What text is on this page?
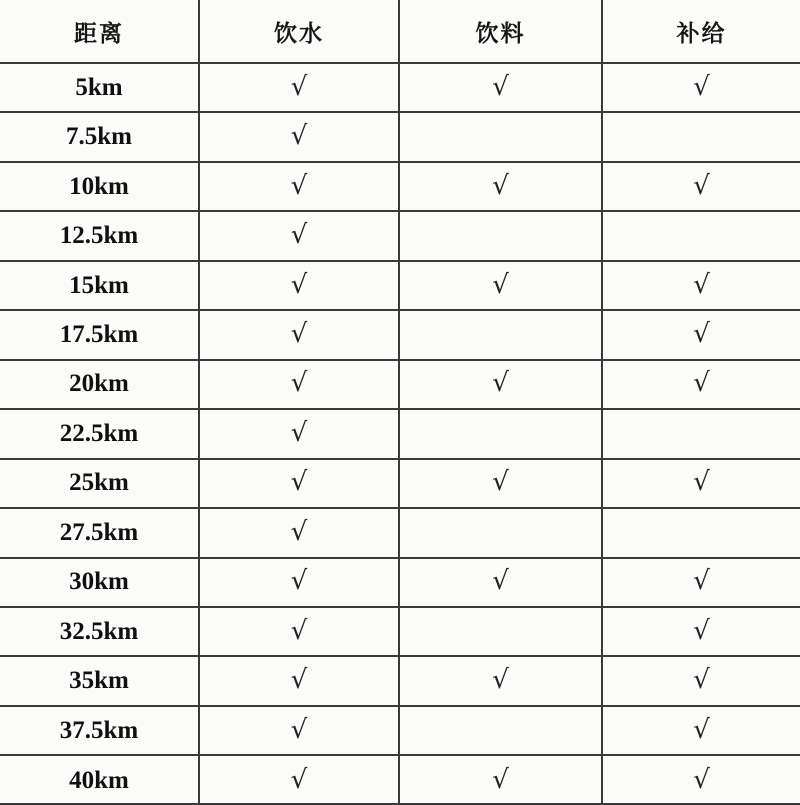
距离	饮水	饮料	补给
5km	√	√	√
7.5km	√		
10km	√	√	√
12.5km	√		
15km	√	√	√
17.5km	√		√
20km	√	√	√
22.5km	√		
25km	√	√	√
27.5km	√		
30km	√	√	√
32.5km	√		√
35km	√	√	√
37.5km	√		√
40km	√	√	√
